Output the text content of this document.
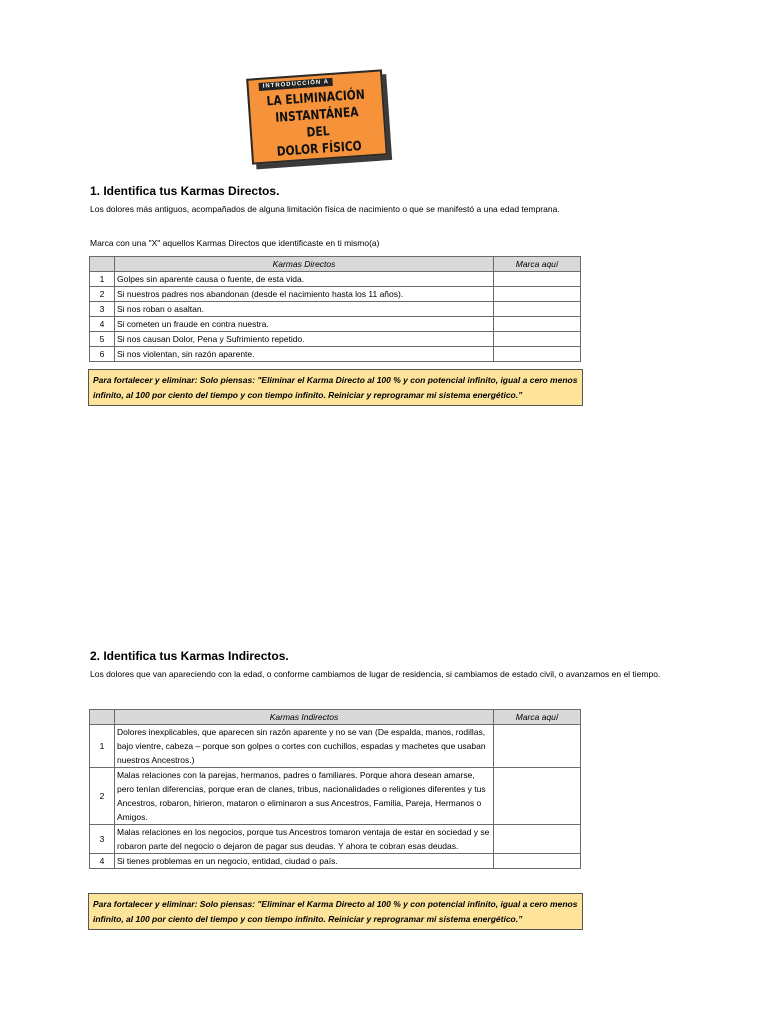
INTRODUCCIÓN A
LA ELIMINACIÓN
INSTANTÁNEA DEL
DOLOR FÍSICO
1. Identifica tus Karmas Directos.
Los dolores más antiguos, acompañados de alguna limitación física de nacimiento o que se manifestó a una edad temprana.
Marca con una "X" aquellos Karmas Directos que identificaste en ti mismo(a)
	Karmas Directos	Marca aquí
1	Golpes sin aparente causa o fuente, de esta vida.	
2	Si nuestros padres nos abandonan (desde el nacimiento hasta los 11 años).	
3	Si nos roban o asaltan.	
4	Si cometen un fraude en contra nuestra.	
5	Si nos causan Dolor, Pena y Sufrimiento repetido.	
6	Si nos violentan, sin razón aparente.	
Para fortalecer y eliminar: Solo piensas: "Eliminar el Karma Directo al 100 % y con potencial infinito, igual a cero menos infinito, al 100 por ciento del tiempo y con tiempo infinito. Reiniciar y reprogramar mi sistema energético.”
2. Identifica tus Karmas Indirectos.
Los dolores que van apareciendo con la edad, o conforme cambiamos de lugar de residencia, si cambiamos de estado civil, o avanzamos en el tiempo.
	Karmas Indirectos	Marca aquí
1	Dolores inexplicables, que aparecen sin razón aparente y no se van (De espalda, manos, rodillas, bajo vientre, cabeza – porque son golpes o cortes con cuchillos, espadas y machetes que usaban nuestros Ancestros.)	
2	Malas relaciones con la parejas, hermanos, padres o familiares. Porque ahora desean amarse, pero tenían diferencias, porque eran de clanes, tribus, nacionalidades o religiones diferentes y tus Ancestros, robaron, hirieron, mataron o eliminaron a sus Ancestros, Familia, Pareja, Hermanos o Amigos.	
3	Malas relaciones en los negocios, porque tus Ancestros tomaron ventaja de estar en sociedad y se robaron parte del negocio o dejaron de pagar sus deudas. Y ahora te cobran esas deudas.	
4	Si tienes problemas en un negocio, entidad, ciudad o país.	
Para fortalecer y eliminar: Solo piensas: "Eliminar el Karma Directo al 100 % y con potencial infinito, igual a cero menos infinito, al 100 por ciento del tiempo y con tiempo infinito. Reiniciar y reprogramar mi sistema energético.”
